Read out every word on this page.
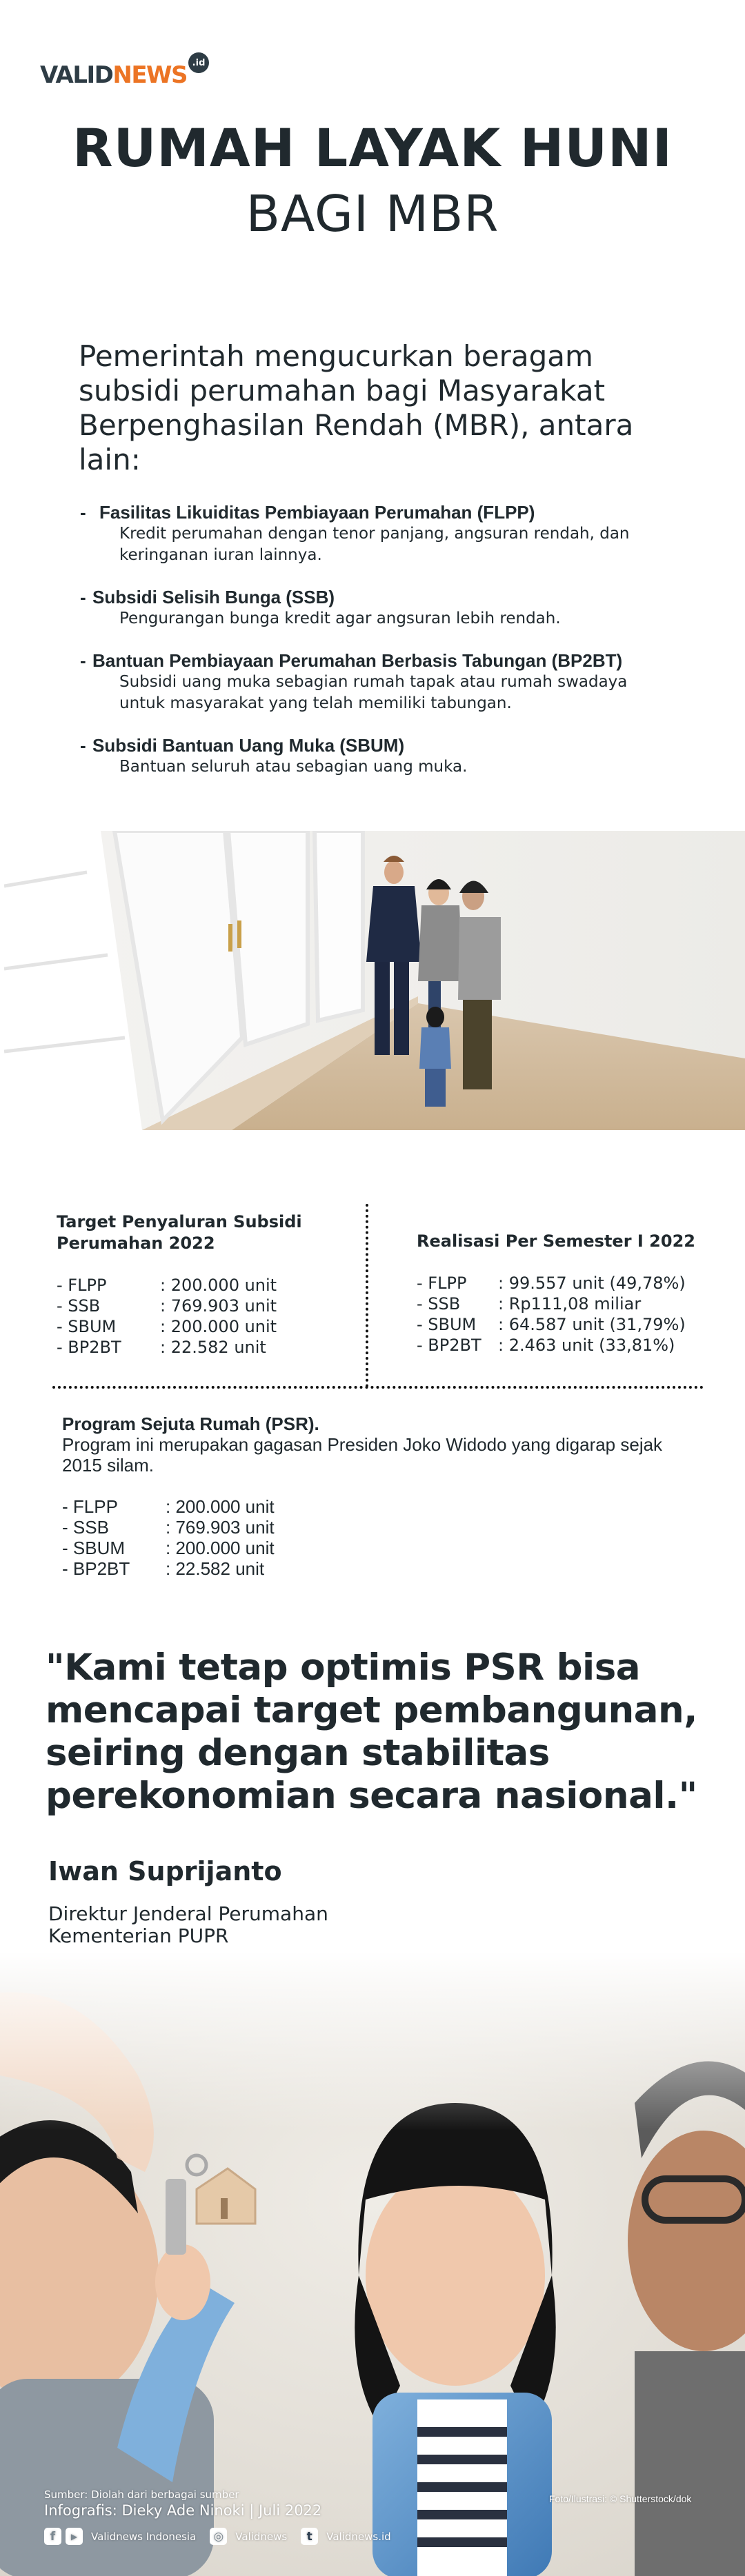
VALID NEWS .id
RUMAH LAYAK HUNI
BAGI MBR

Pemerintah mengucurkan beragam subsidi perumahan bagi Masyarakat Berpenghasilan Rendah (MBR), antara lain:

- Fasilitas Likuiditas Pembiayaan Perumahan (FLPP)
Kredit perumahan dengan tenor panjang, angsuran rendah, dan keringanan iuran lainnya.
- Subsidi Selisih Bunga (SSB)
Pengurangan bunga kredit agar angsuran lebih rendah.
- Bantuan Pembiayaan Perumahan Berbasis Tabungan (BP2BT)
Subsidi uang muka sebagian rumah tapak atau rumah swadaya untuk masyarakat yang telah memiliki tabungan.
- Subsidi Bantuan Uang Muka (SBUM)
Bantuan seluruh atau sebagian uang muka.
Target Penyaluran Subsidi Perumahan 2022
- FLPP	: 200.000 unit
- SSB	: 769.903 unit
- SBUM	: 200.000 unit
- BP2BT	: 22.582 unit
Realisasi Per Semester I 2022
- FLPP	: 99.557 unit (49,78%)
- SSB	: Rp111,08 miliar
- SBUM	: 64.587 unit (31,79%)
- BP2BT	: 2.463 unit (33,81%)
Program Sejuta Rumah (PSR).
Program ini merupakan gagasan Presiden Joko Widodo yang digarap sejak 2015 silam.
- FLPP	: 200.000 unit
- SSB	: 769.903 unit
- SBUM	: 200.000 unit
- BP2BT	: 22.582 unit
"Kami tetap optimis PSR bisa mencapai target pembangunan, seiring dengan stabilitas perekonomian secara nasional."
Iwan Suprijanto
Direktur Jenderal Perumahan
Kementerian PUPR
Sumber: Diolah dari berbagai sumber
Infografis: Dieky Ade Ninoki | Juli 2022
f	▶	Validnews Indonesia ◎	Validnews	t	Validnews.id
Foto/Ilustrasi: © Shutterstock/dok
